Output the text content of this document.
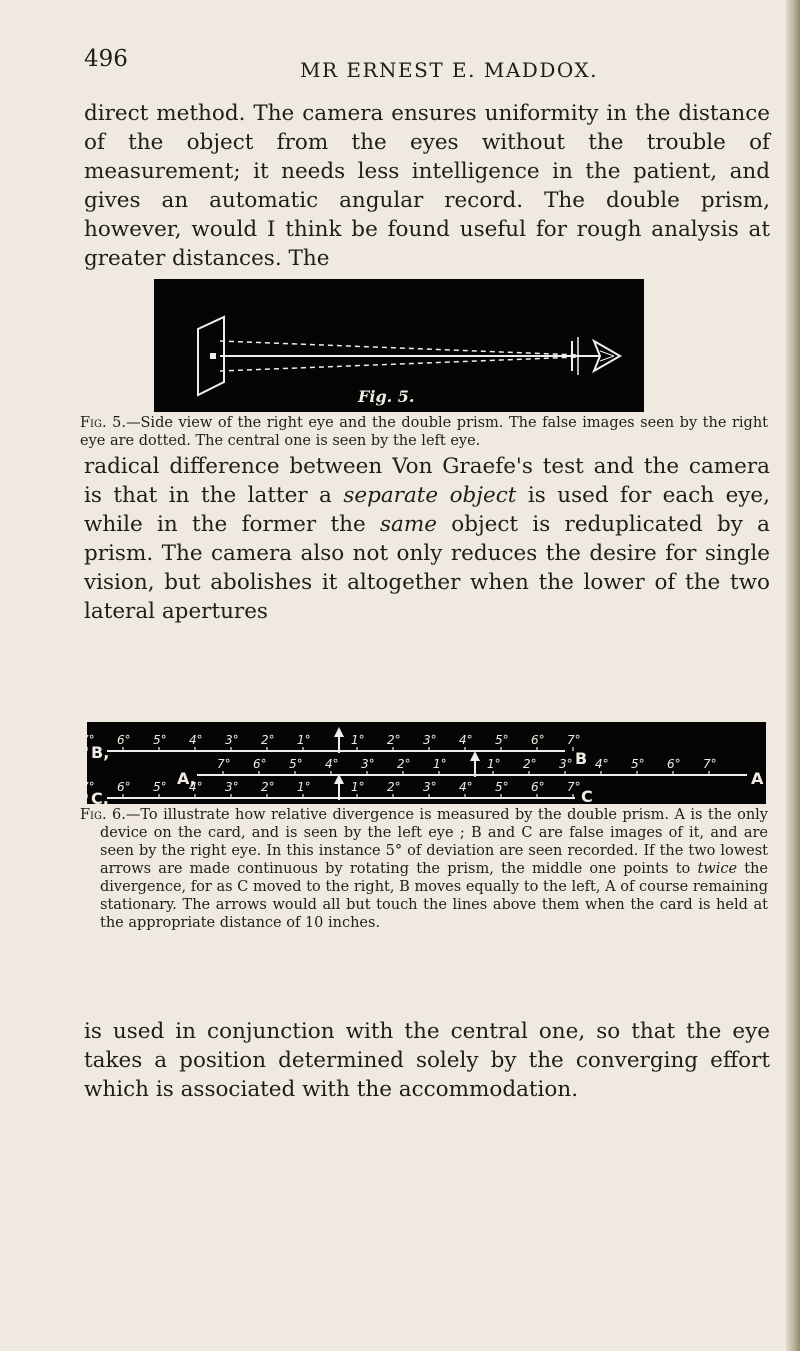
496	MR ERNEST E. MADDOX.

direct method. The camera ensures uniformity in the distance of the object from the eyes without the trouble of measurement; it needs less intelligence in the patient, and gives an automatic angular record. The double prism, however, would I think be found useful for rough analysis at greater distances. The

Fig. 5.

Fig. 5.—Side view of the right eye and the double prism. The false images seen by the right eye are dotted. The central one is seen by the left eye.

radical difference between Von Graefe's test and the camera is that in the latter a separate object is used for each eye, while in the former the same object is reduplicated by a prism. The camera also not only reduces the desire for single vision, but abolishes it altogether when the lower of the two lateral apertures

7° 6° 5° 4° 3° 2° 1°	1° 2° 3° 4° 5° 6° 7°
B,	B
7° 6° 5° 4° 3° 2° 1°	1° 2° 3° 4° 5° 6° 7°
A,	A
7° 6° 5° 4° 3° 2° 1°	1° 2° 3° 4° 5° 6° 7°
C,	C

Fig. 6.—To illustrate how relative divergence is measured by the double prism. A is the only device on the card, and is seen by the left eye ; B and C are false images of it, and are seen by the right eye. In this instance 5° of deviation are seen recorded. If the two lowest arrows are made continuous by rotating the prism, the middle one points to twice the divergence, for as C moved to the right, B moves equally to the left, A of course remaining stationary. The arrows would all but touch the lines above them when the card is held at the appropriate distance of 10 inches.

is used in conjunction with the central one, so that the eye takes a position determined solely by the converging effort which is associated with the accommodation.
